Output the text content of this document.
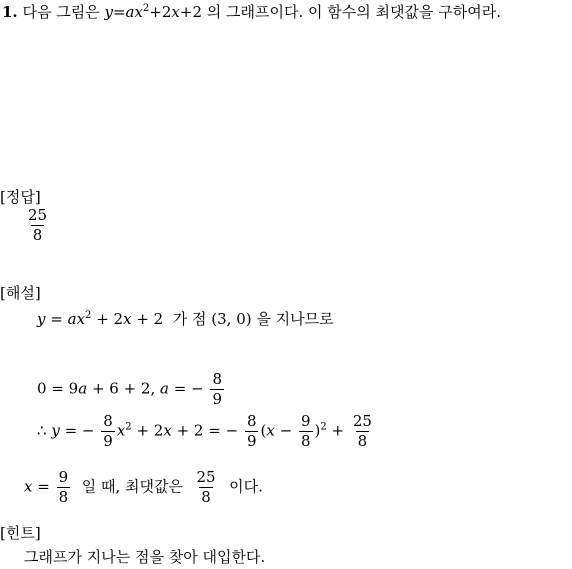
1. 다음 그림은 $y=ax^2+2x+2$ 의 그래프이다. 이 함수의 최댓값을 구하여라.
[정답]
$\frac{25}{8}$
[해설]
$y = ax^2 + 2x + 2$ 가 점 (3, 0) 을 지나므로
0 = 9a + 6 + 2, a = − $\frac{8}{9}$
∴ y = − $\frac{8}{9} x^2 + 2x + 2$ = − $\frac{8}{9} (x - \frac{9}{8} )^2 + \frac{25}{8}$
$x = \frac{9}{8}$ 일 때, 최댓값은 $\frac{25}{8}$ 이다.
[힌트]
그래프가 지나는 점을 찾아 대입한다.
